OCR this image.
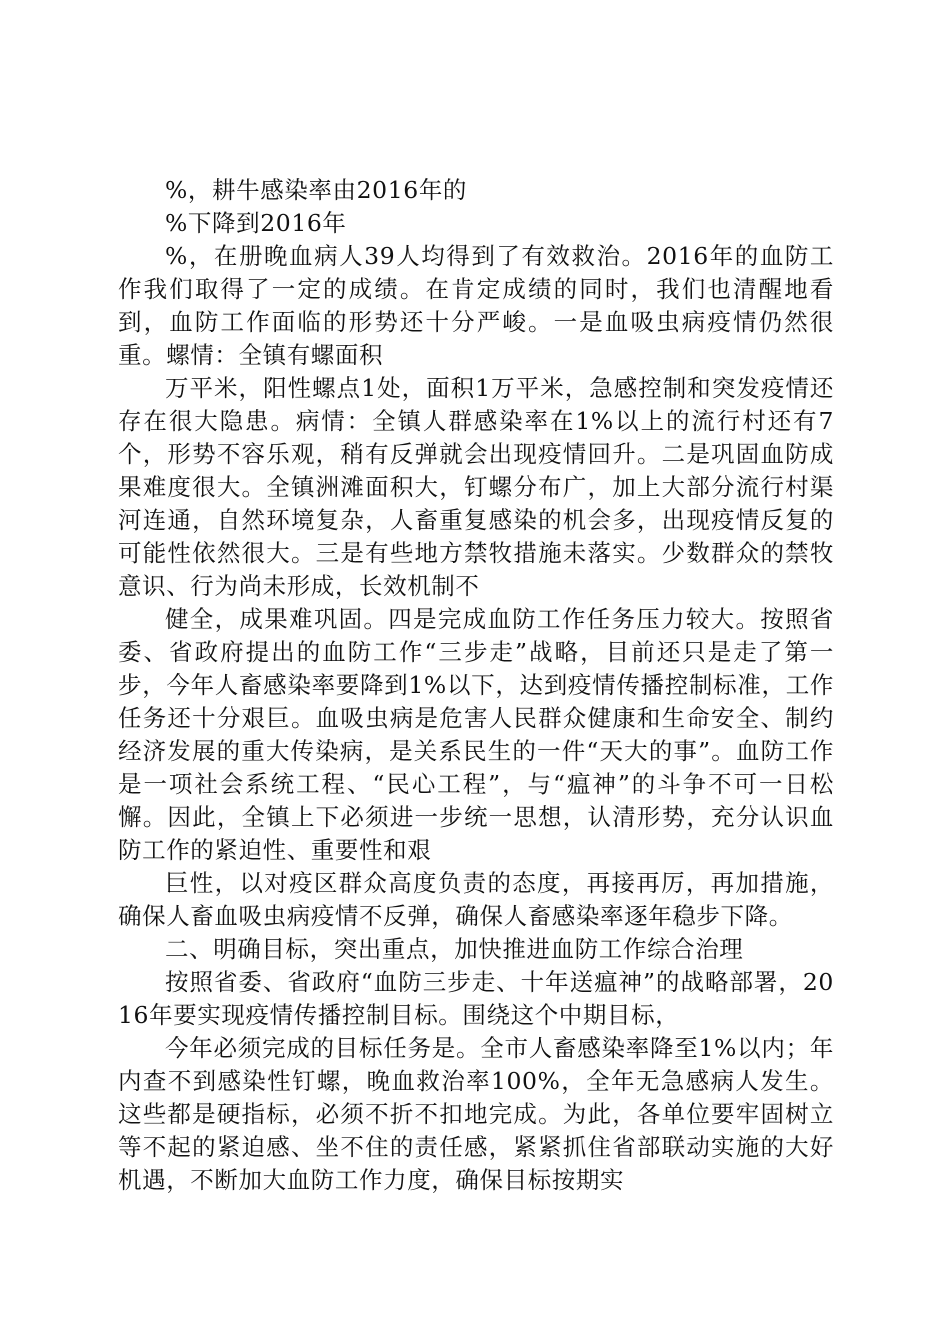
%，耕牛感染率由2016年的

%下降到2016年

%，在册晚血病人39人均得到了有效救治。2016年的血防工作我们取得了一定的成绩。在肯定成绩的同时，我们也清醒地看到，血防工作面临的形势还十分严峻。一是血吸虫病疫情仍然很重。螺情：全镇有螺面积

万平米，阳性螺点1处，面积1万平米，急感控制和突发疫情还存在很大隐患。病情：全镇人群感染率在1%以上的流行村还有7个，形势不容乐观，稍有反弹就会出现疫情回升。二是巩固血防成果难度很大。全镇洲滩面积大，钉螺分布广，加上大部分流行村渠河连通，自然环境复杂，人畜重复感染的机会多，出现疫情反复的可能性依然很大。三是有些地方禁牧措施未落实。少数群众的禁牧意识、行为尚未形成，长效机制不

健全，成果难巩固。四是完成血防工作任务压力较大。按照省委、省政府提出的血防工作“三步走”战略，目前还只是走了第一步，今年人畜感染率要降到1%以下，达到疫情传播控制标准，工作任务还十分艰巨。血吸虫病是危害人民群众健康和生命安全、制约经济发展的重大传染病，是关系民生的一件“天大的事”。血防工作是一项社会系统工程、“民心工程”，与“瘟神”的斗争不可一日松懈。因此，全镇上下必须进一步统一思想，认清形势，充分认识血防工作的紧迫性、重要性和艰

巨性，以对疫区群众高度负责的态度，再接再厉，再加措施，确保人畜血吸虫病疫情不反弹，确保人畜感染率逐年稳步下降。

二、明确目标，突出重点，加快推进血防工作综合治理

按照省委、省政府“血防三步走、十年送瘟神”的战略部署，2016年要实现疫情传播控制目标。围绕这个中期目标，

今年必须完成的目标任务是。全市人畜感染率降至1%以内；年内查不到感染性钉螺，晚血救治率100%，全年无急感病人发生。这些都是硬指标，必须不折不扣地完成。为此，各单位要牢固树立等不起的紧迫感、坐不住的责任感，紧紧抓住省部联动实施的大好机遇，不断加大血防工作力度，确保目标按期实
